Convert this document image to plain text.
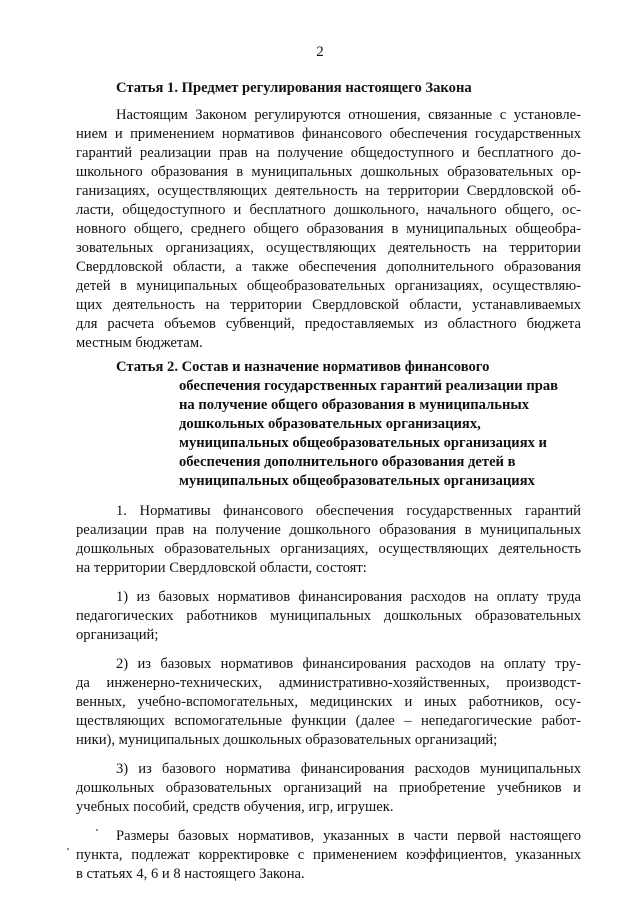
2
Статья 1. Предмет регулирования настоящего Закона
Настоящим Законом регулируются отношения, связанные с установле-
нием и применением нормативов финансового обеспечения государственных
гарантий реализации прав на получение общедоступного и бесплатного до-
школьного образования в муниципальных дошкольных образовательных ор-
ганизациях, осуществляющих деятельность на территории Свердловской об-
ласти, общедоступного и бесплатного дошкольного, начального общего, ос-
новного общего, среднего общего образования в муниципальных общеобра-
зовательных организациях, осуществляющих деятельность на территории
Свердловской области, а также обеспечения дополнительного образования
детей в муниципальных общеобразовательных организациях, осуществляю-
щих деятельность на территории Свердловской области, устанавливаемых
для расчета объемов субвенций, предоставляемых из областного бюджета
местным бюджетам.
Статья 2. Состав и назначение нормативов финансового
обеспечения государственных гарантий реализации прав
на получение общего образования в муниципальных
дошкольных образовательных организациях,
муниципальных общеобразовательных организациях и
обеспечения дополнительного образования детей в
муниципальных общеобразовательных организациях
1. Нормативы финансового обеспечения государственных гарантий
реализации прав на получение дошкольного образования в муниципальных
дошкольных образовательных организациях, осуществляющих деятельность
на территории Свердловской области, состоят:
1) из базовых нормативов финансирования расходов на оплату труда
педагогических работников муниципальных дошкольных образовательных
организаций;
2) из базовых нормативов финансирования расходов на оплату тру-
да инженерно-технических, административно-хозяйственных, производст-
венных, учебно-вспомогательных, медицинских и иных работников, осу-
ществляющих вспомогательные функции (далее – непедагогические работ-
ники), муниципальных дошкольных образовательных организаций;
3) из базового норматива финансирования расходов муниципальных
дошкольных образовательных организаций на приобретение учебников и
учебных пособий, средств обучения, игр, игрушек.
Размеры базовых нормативов, указанных в части первой настоящего
пункта, подлежат корректировке с применением коэффициентов, указанных
в статьях 4, 6 и 8 настоящего Закона.
